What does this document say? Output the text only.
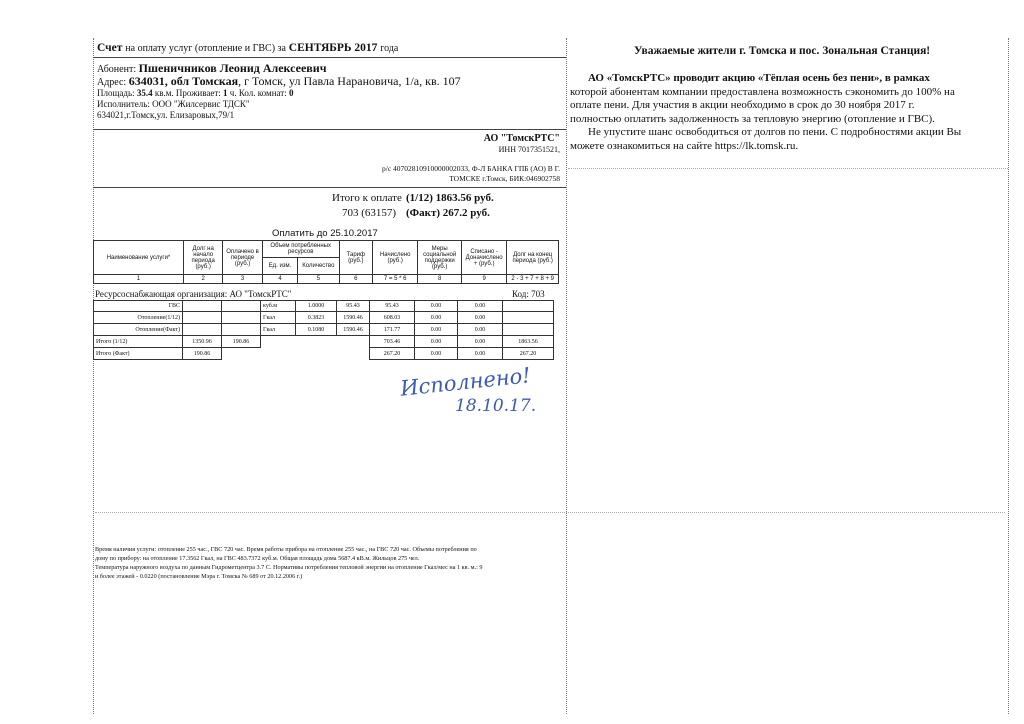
Счет на оплату услуг (отопление и ГВС) за СЕНТЯБРЬ 2017 года
Абонент: Пшеничников Леонид Алексеевич
Адрес: 634031, обл Томская, г Томск, ул Павла Нарановича, 1/а, кв. 107
Площадь: 35.4 кв.м. Проживает: 1 ч. Кол. комнат: 0
Исполнитель: ООО "Жилсервис ТДСК"
634021,г.Томск,ул. Елизаровых,79/1
АО "ТомскРТС"
ИНН 7017351521,
р/с 40702810910000002033, Ф-Л БАНКА ГПБ (АО) В Г.
ТОМСКЕ г.Томск, БИК:046902758
Итого к оплате (1/12) 1863.56 руб.
703 (63157) (Факт) 267.2 руб.
Оплатить до 25.10.2017
Наименование услуги*	Долг на начало периода (руб.)	Оплачено в периоде (руб.)	Объем потребленных ресурсов		Тариф (руб.)	Начислено (руб.)	Меры социальной поддержки (руб.)	Списано - Доначислено + (руб.)	Долг на конец периода (руб.)
			Ед. изм.	Количество					
1	2	3	4	5	6	7 = 5 * 6	8	9	2 - 3 + 7 + 8 + 9
Ресурсоснабжающая организация: АО "ТомскРТС"	Код: 703
ГВС			куб.м	1.0000	95.43	95.43	0.00	0.00	
Отопление(1/12)			Гкал	0.3823	1590.46	608.03	0.00	0.00	
Отопление(Факт)			Гкал	0.1080	1590.46	171.77	0.00	0.00	
Итого (1/12)	1350.96	190.86				703.46	0.00	0.00	1863.56
Итого (Факт)	190.86					267.20	0.00	0.00	267.20
Исполнено!
18.10.17.
Время наличия услуги: отопление 255 час., ГВС 720 час. Время работы прибора на отопление 255 час., на ГВС 720 час. Объемы потребления по
дому по прибору: на отопление 17.3562 Гкал, на ГВС 483.7372 куб.м. Общая площадь дома 5687.4 кВ.м. Жильцов 275 чел.
Температура наружного воздуха по данным Гидрометцентра 3.7 С. Нормативы потребления тепловой энергии на отопление Гкал/мес на 1 кв. м.: 9
и более этажей - 0.0220 (постановление Мэра г. Томска № 689 от 20.12.2006 г.)
Уважаемые жители г. Томска и пос. Зональная Станция!
АО «ТомскРТС» проводит акцию «Тёплая осень без пени», в рамках
которой абонентам компании предоставлена возможность сэкономить до 100% на
оплате пени. Для участия в акции необходимо в срок до 30 ноября 2017 г.
полностью оплатить задолженность за тепловую энергию (отопление и ГВС).
Не упустите шанс освободиться от долгов по пени. С подробностями акции Вы
можете ознакомиться на сайте https://lk.tomsk.ru.
